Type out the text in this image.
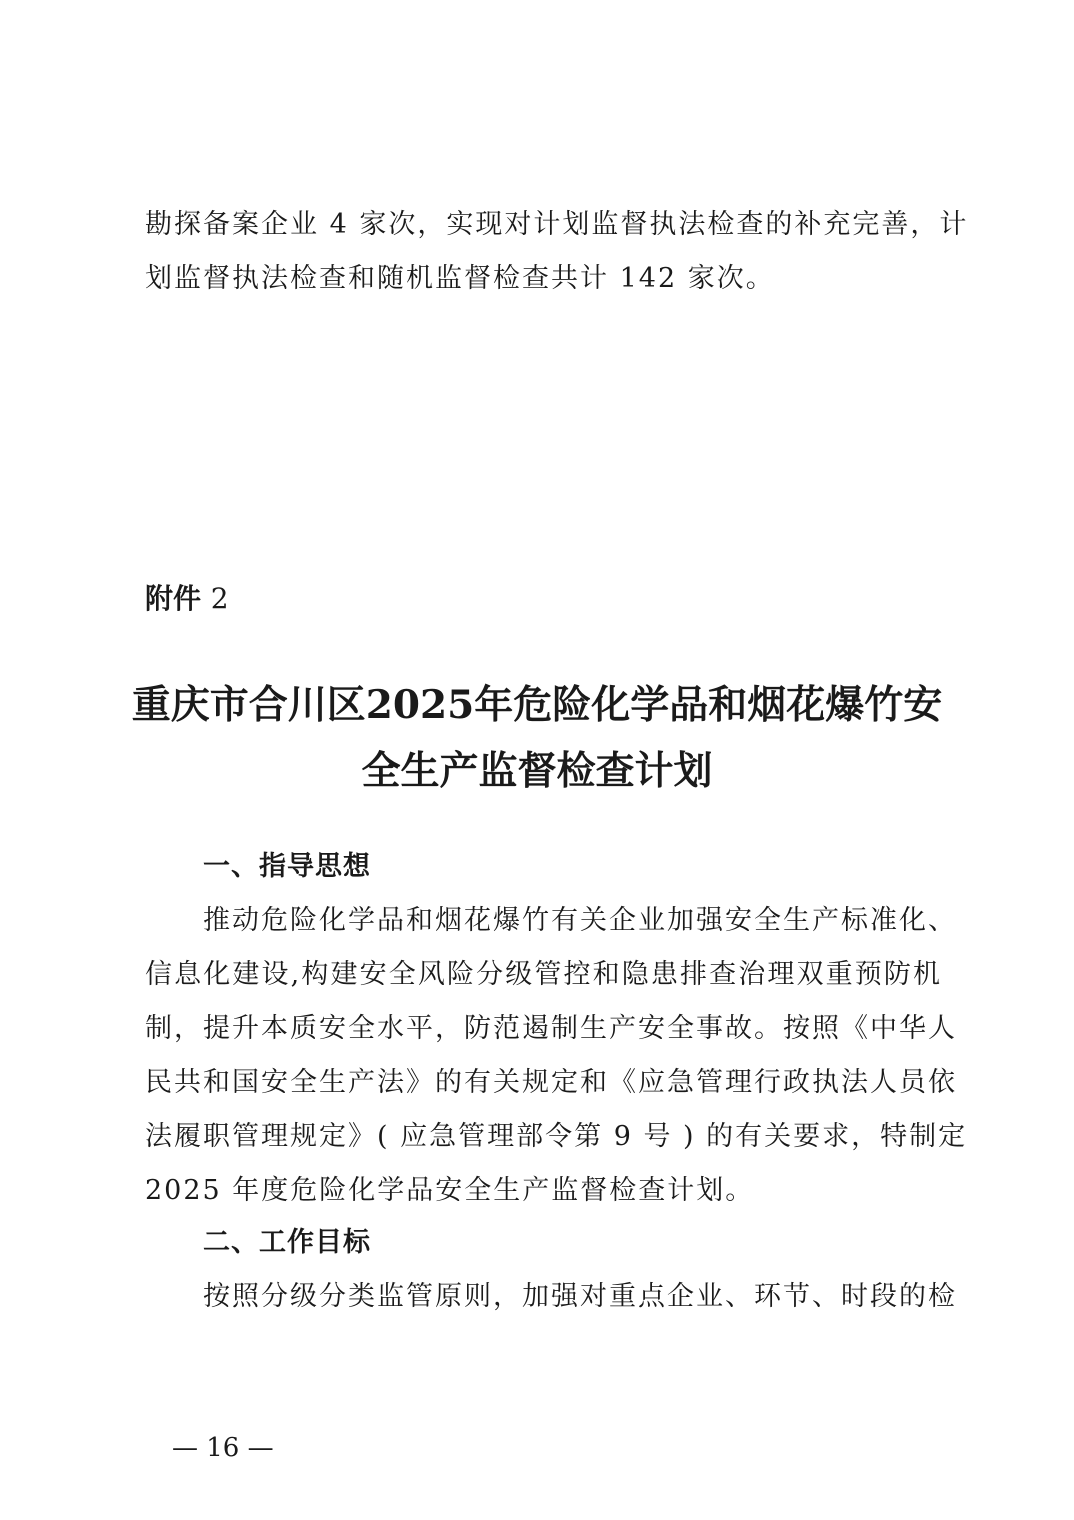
勘探备案企业 4 家次，实现对计划监督执法检查的补充完善，计
划监督执法检查和随机监督检查共计 142 家次。
附件 2
重庆市合川区2025年危险化学品和烟花爆竹安
全生产监督检查计划
一、指导思想
推动危险化学品和烟花爆竹有关企业加强安全生产标准化、
信息化建设,构建安全风险分级管控和隐患排查治理双重预防机
制，提升本质安全水平，防范遏制生产安全事故。按照《中华人
民共和国安全生产法》的有关规定和《应急管理行政执法人员依
法履职管理规定》( 应急管理部令第 9 号 ) 的有关要求，特制定
2025 年度危险化学品安全生产监督检查计划。
二、工作目标
按照分级分类监管原则，加强对重点企业、环节、时段的检
— 16 —
